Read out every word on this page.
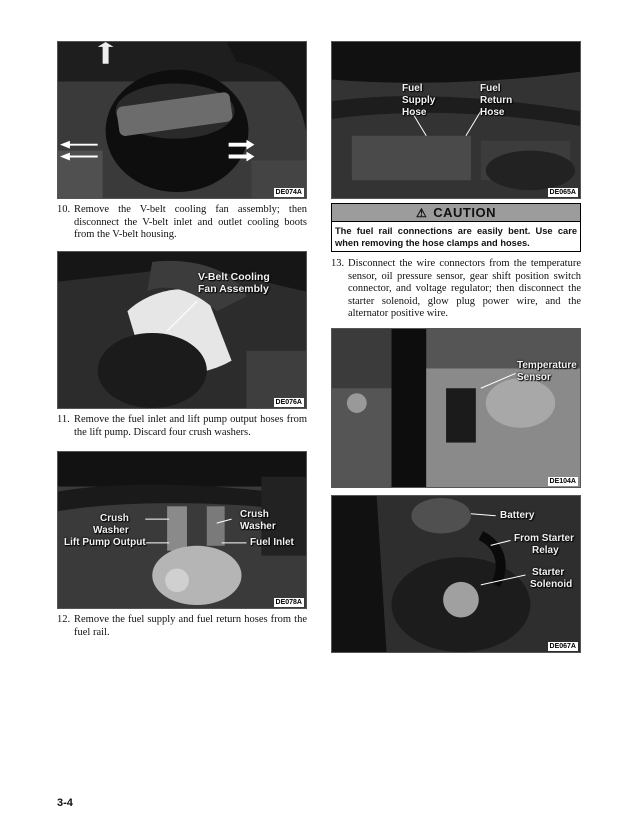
DE074A
10. Remove the V-belt cooling fan assembly; then disconnect the V-belt inlet and outlet cooling boots from the V-belt housing.
V-Belt Cooling
Fan Assembly
DE076A
11. Remove the fuel inlet and lift pump output hoses from the lift pump. Discard four crush washers.
Crush
Washer
Lift Pump Output
Crush
Washer
Fuel Inlet
DE078A
12. Remove the fuel supply and fuel return hoses from the fuel rail.
Fuel
Supply
Hose
Fuel
Return
Hose
DE065A
⚠ CAUTION
The fuel rail connections are easily bent. Use care when removing the hose clamps and hoses.
13. Disconnect the wire connectors from the temperature sensor, oil pressure sensor, gear shift position switch connector, and voltage regulator; then disconnect the starter solenoid, glow plug power wire, and the alternator positive wire.
Temperature
Sensor
DE104A
Battery
From Starter
Relay
Starter
Solenoid
DE067A
3-4
